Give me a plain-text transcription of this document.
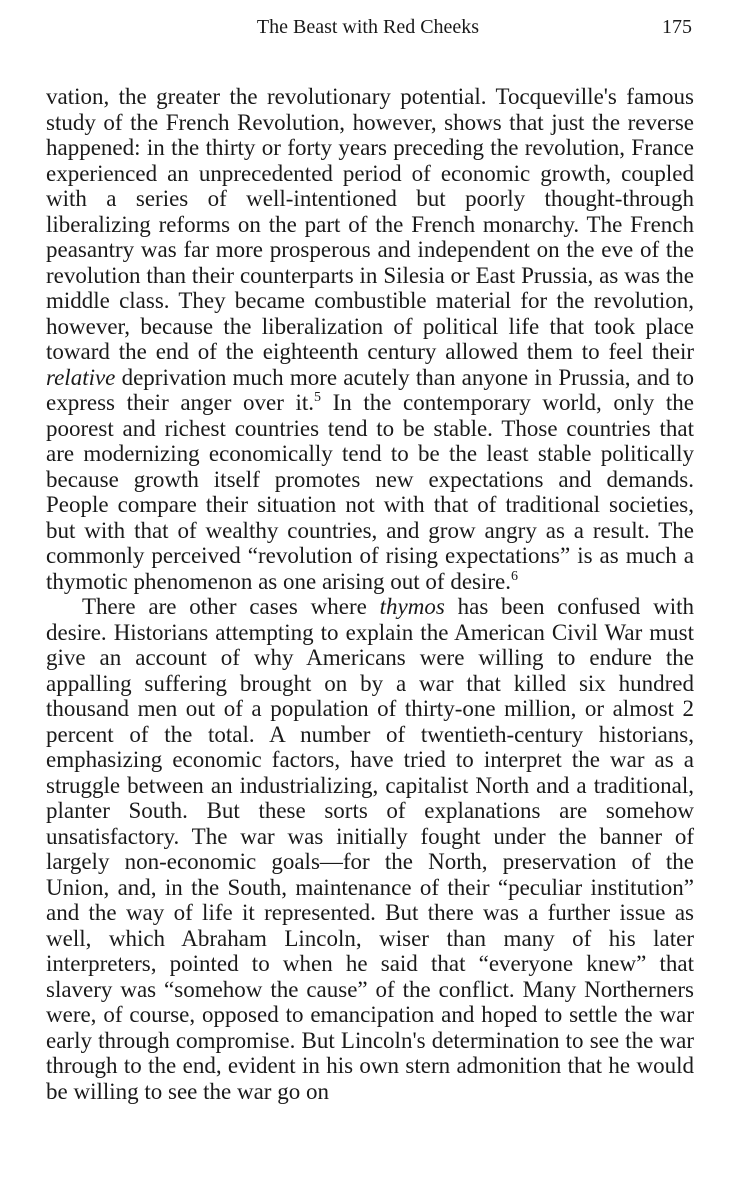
The Beast with Red Cheeks	175

vation, the greater the revolutionary potential. Tocqueville's famous study of the French Revolution, however, shows that just the reverse happened: in the thirty or forty years preceding the revolution, France experienced an unprecedented period of economic growth, coupled with a series of well-intentioned but poorly thought-through liberalizing reforms on the part of the French monarchy. The French peasantry was far more prosperous and independent on the eve of the revolution than their counterparts in Silesia or East Prussia, as was the middle class. They became combustible material for the revolution, however, because the liberalization of political life that took place toward the end of the eighteenth century allowed them to feel their relative deprivation much more acutely than anyone in Prussia, and to express their anger over it.$^5$ In the contemporary world, only the poorest and richest countries tend to be stable. Those countries that are modernizing economically tend to be the least stable politically because growth itself promotes new expectations and demands. People compare their situation not with that of traditional societies, but with that of wealthy countries, and grow angry as a result. The commonly perceived “revolution of rising expectations” is as much a thymotic phenomenon as one arising out of desire.$^6$

There are other cases where thymos has been confused with desire. Historians attempting to explain the American Civil War must give an account of why Americans were willing to endure the appalling suffering brought on by a war that killed six hundred thousand men out of a population of thirty-one million, or almost 2 percent of the total. A number of twentieth-century historians, emphasizing economic factors, have tried to interpret the war as a struggle between an industrializing, capitalist North and a traditional, planter South. But these sorts of explanations are somehow unsatisfactory. The war was initially fought under the banner of largely non-economic goals—for the North, preservation of the Union, and, in the South, maintenance of their “peculiar institution” and the way of life it represented. But there was a further issue as well, which Abraham Lincoln, wiser than many of his later interpreters, pointed to when he said that “everyone knew” that slavery was “somehow the cause” of the conflict. Many Northerners were, of course, opposed to emancipation and hoped to settle the war early through compromise. But Lincoln's determination to see the war through to the end, evident in his own stern admonition that he would be willing to see the war go on
